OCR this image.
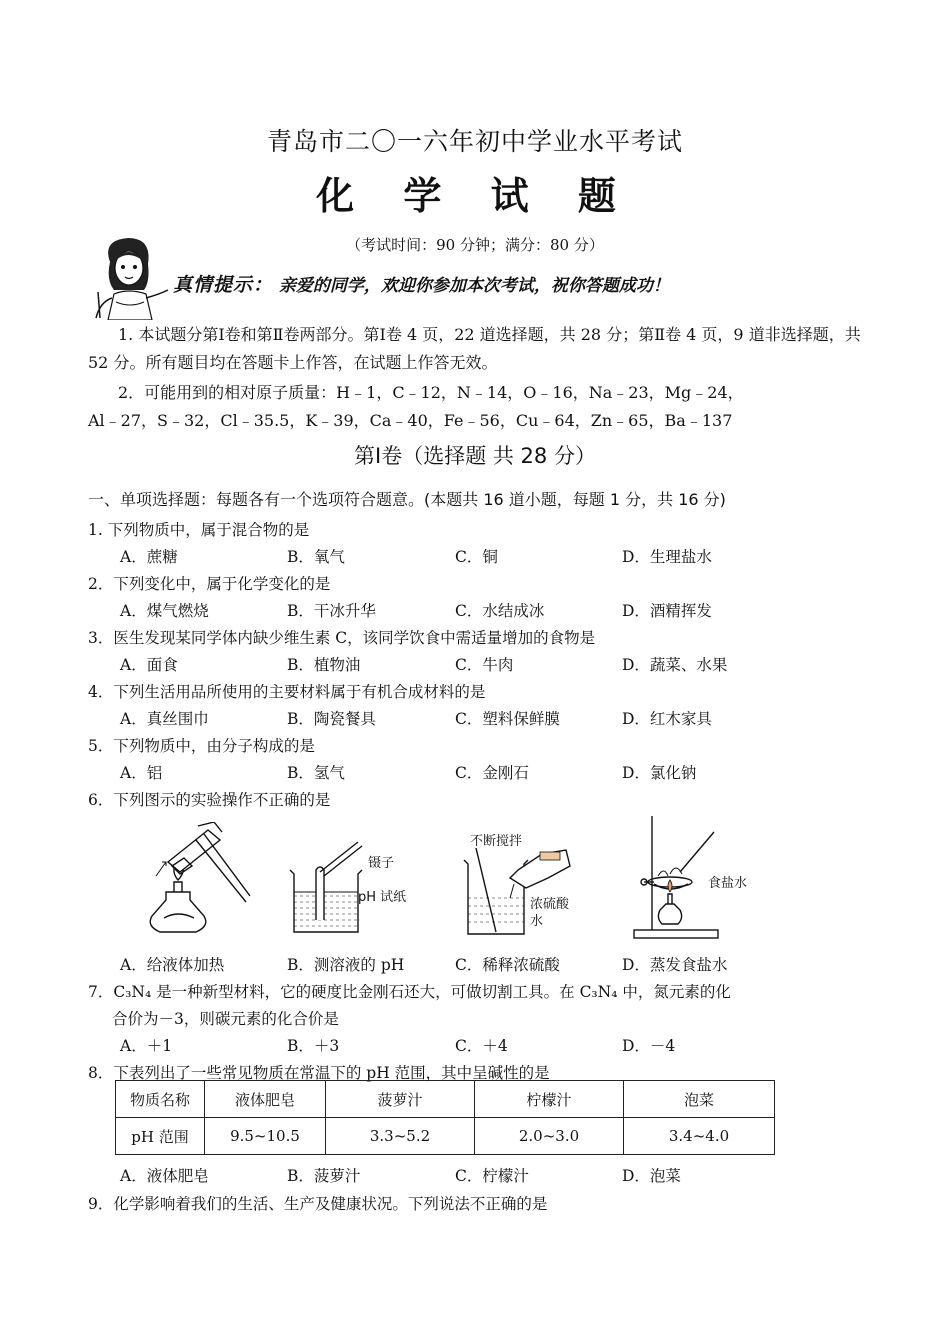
青岛市二〇一六年初中学业水平考试
化 学 试 题
（考试时间：90 分钟；满分：80 分）
真情提示： 亲爱的同学，欢迎你参加本次考试，祝你答题成功！
1. 本试题分第Ⅰ卷和第Ⅱ卷两部分。第Ⅰ卷 4 页，22 道选择题，共 28 分；第Ⅱ卷 4 页，9 道非选择题，共
52 分。所有题目均在答题卡上作答，在试题上作答无效。
2．可能用到的相对原子质量：H﹣1，C﹣12，N﹣14，O﹣16，Na﹣23，Mg﹣24，
Al﹣27，S﹣32，Cl﹣35.5，K﹣39，Ca﹣40，Fe﹣56，Cu﹣64，Zn﹣65，Ba﹣137
第Ⅰ卷（选择题 共 28 分）
一、单项选择题：每题各有一个选项符合题意。(本题共 16 道小题，每题 1 分，共 16 分)
1. 下列物质中，属于混合物的是
A．蔗糖	B．氧气	C．铜	D．生理盐水
2．下列变化中，属于化学变化的是
A．煤气燃烧	B．干冰升华	C．水结成冰	D．酒精挥发
3．医生发现某同学体内缺少维生素 C，该同学饮食中需适量增加的食物是
A．面食	B．植物油	C．牛肉	D．蔬菜、水果
4．下列生活用品所使用的主要材料属于有机合成材料的是
A．真丝围巾	B．陶瓷餐具	C．塑料保鲜膜	D．红木家具
5．下列物质中，由分子构成的是
A．铝	B．氢气	C．金刚石	D．氯化钠
6．下列图示的实验操作不正确的是
镊子
pH 试纸
不断搅拌
浓硫酸
水
食盐水
A．给液体加热	B．测溶液的 pH	C．稀释浓硫酸	D．蒸发食盐水
7．C₃N₄ 是一种新型材料，它的硬度比金刚石还大，可做切割工具。在 C₃N₄ 中，氮元素的化
合价为－3，则碳元素的化合价是
A．＋1	B．＋3	C．＋4	D．－4
8．下表列出了一些常见物质在常温下的 pH 范围，其中呈碱性的是
物质名称	液体肥皂	菠萝汁	柠檬汁	泡菜
pH 范围	9.5~10.5	3.3~5.2	2.0~3.0	3.4~4.0
A．液体肥皂	B．菠萝汁	C．柠檬汁	D．泡菜
9．化学影响着我们的生活、生产及健康状况。下列说法不正确的是
